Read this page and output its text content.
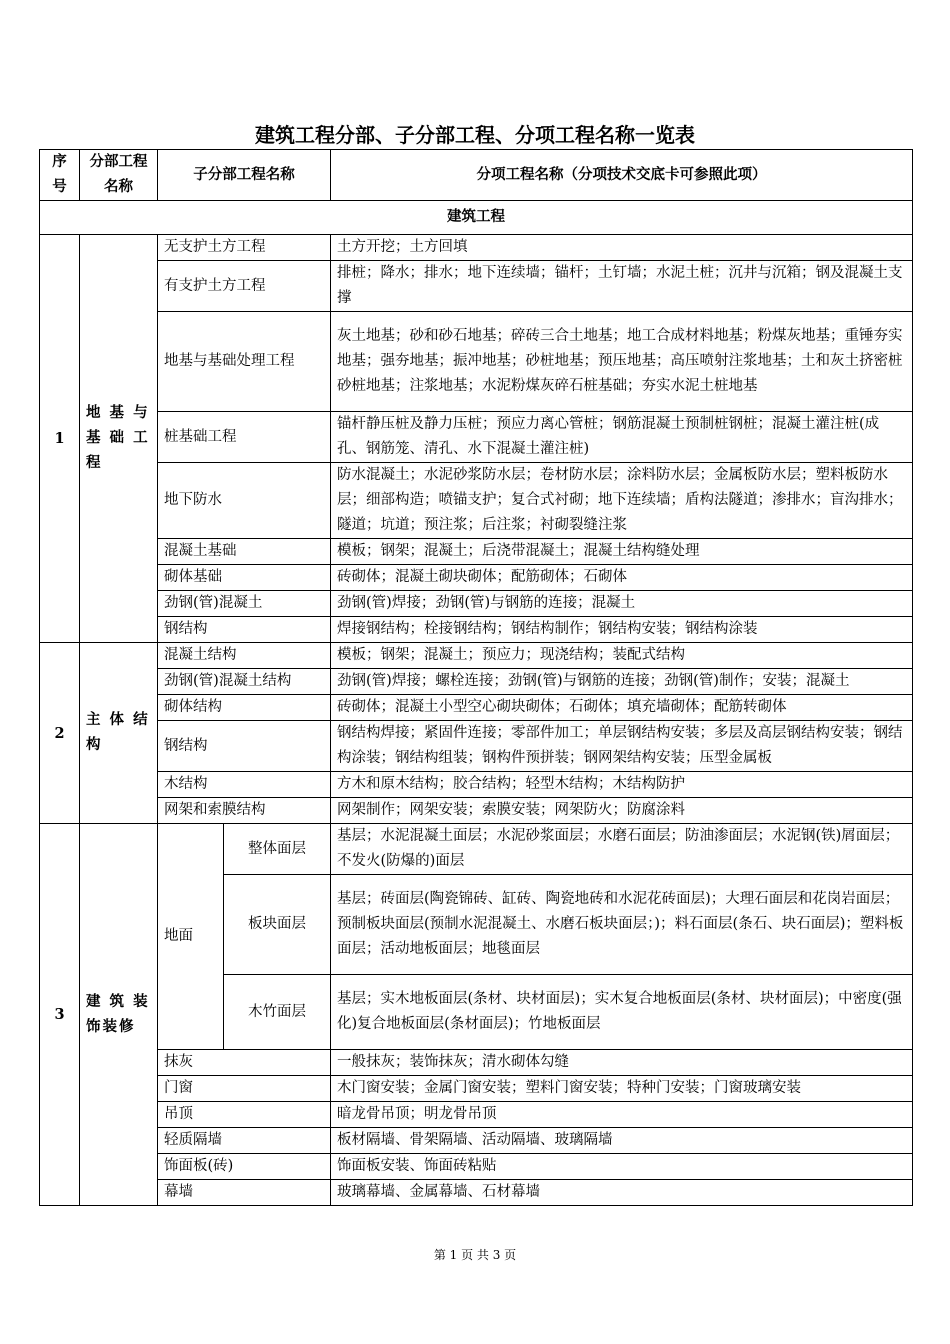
建筑工程分部、子分部工程、分项工程名称一览表
序号	分部工程名称	子分部工程名称		分项工程名称（分项技术交底卡可参照此项）
建筑工程				
1	地 基 与 基 础 工 程	无支护土方工程		土方开挖；土方回填
		有支护土方工程		排桩；降水；排水；地下连续墙；锚杆；土钉墙；水泥土桩；沉井与沉箱；钢及混凝土支撑
		地基与基础处理工程		灰土地基；砂和砂石地基；碎砖三合土地基；地工合成材料地基；粉煤灰地基；重锤夯实地基；强夯地基；振冲地基；砂桩地基；预压地基；高压喷射注浆地基；土和灰土挤密桩砂桩地基；注浆地基；水泥粉煤灰碎石桩基础；夯实水泥土桩地基
		桩基础工程		锚杆静压桩及静力压桩；预应力离心管桩；钢筋混凝土预制桩钢桩；混凝土灌注桩(成孔、钢筋笼、清孔、水下混凝土灌注桩)
		地下防水		防水混凝土；水泥砂浆防水层；卷材防水层；涂料防水层；金属板防水层；塑料板防水层；细部构造；喷锚支护；复合式衬砌；地下连续墙；盾构法隧道；渗排水；盲沟排水；隧道；坑道；预注浆；后注浆；衬砌裂缝注浆
		混凝土基础		模板；钢架；混凝土；后浇带混凝土；混凝土结构缝处理
		砌体基础		砖砌体；混凝土砌块砌体；配筋砌体；石砌体
		劲钢(管)混凝土		劲钢(管)焊接；劲钢(管)与钢筋的连接；混凝土
		钢结构		焊接钢结构；栓接钢结构；钢结构制作；钢结构安装；钢结构涂装
2	主 体 结 构	混凝土结构		模板；钢架；混凝土；预应力；现浇结构；装配式结构
		劲钢(管)混凝土结构		劲钢(管)焊接；螺栓连接；劲钢(管)与钢筋的连接；劲钢(管)制作；安装；混凝土
		砌体结构		砖砌体；混凝土小型空心砌块砌体；石砌体；填充墙砌体；配筋转砌体
		钢结构		钢结构焊接；紧固件连接；零部件加工；单层钢结构安装；多层及高层钢结构安装；钢结构涂装；钢结构组装；钢构件预拼装；钢网架结构安装；压型金属板
		木结构		方木和原木结构；胶合结构；轻型木结构；木结构防护
		网架和索膜结构		网架制作；网架安装；索膜安装；网架防火；防腐涂料
3	建 筑 装 饰装修	地面	整体面层	基层；水泥混凝土面层；水泥砂浆面层；水磨石面层；防油渗面层；水泥钢(铁)屑面层；不发火(防爆的)面层
			板块面层	基层；砖面层(陶瓷锦砖、缸砖、陶瓷地砖和水泥花砖面层)；大理石面层和花岗岩面层；预制板块面层(预制水泥混凝土、水磨石板块面层；)；料石面层(条石、块石面层)；塑料板面层；活动地板面层；地毯面层
			木竹面层	基层；实木地板面层(条材、块材面层)；实木复合地板面层(条材、块材面层)；中密度(强化)复合地板面层(条材面层)；竹地板面层
		抹灰		一般抹灰；装饰抹灰；清水砌体勾缝
		门窗		木门窗安装；金属门窗安装；塑料门窗安装；特种门安装；门窗玻璃安装
		吊顶		暗龙骨吊顶；明龙骨吊顶
		轻质隔墙		板材隔墙、骨架隔墙、活动隔墙、玻璃隔墙
		饰面板(砖)		饰面板安装、饰面砖粘贴
		幕墙		玻璃幕墙、金属幕墙、石材幕墙
第 1 页 共 3 页
